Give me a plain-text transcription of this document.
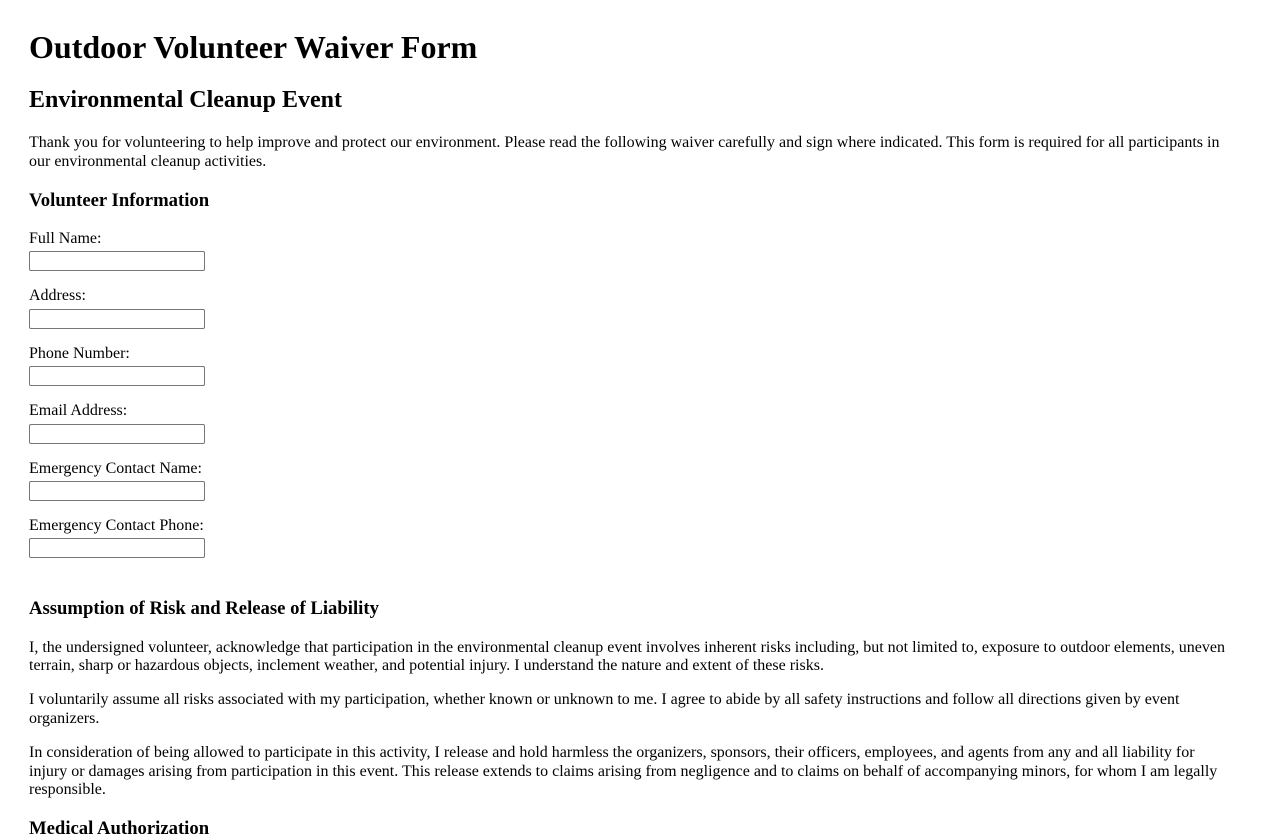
Outdoor Volunteer Waiver Form
Environmental Cleanup Event

Thank you for volunteering to help improve and protect our environment. Please read the following waiver carefully and sign where indicated. This form is required for all participants in our environmental cleanup activities.

Volunteer Information

Full Name:

Address:

Phone Number:

Email Address:

Emergency Contact Name:

Emergency Contact Phone:

Assumption of Risk and Release of Liability

I, the undersigned volunteer, acknowledge that participation in the environmental cleanup event involves inherent risks including, but not limited to, exposure to outdoor elements, uneven terrain, sharp or hazardous objects, inclement weather, and potential injury. I understand the nature and extent of these risks.

I voluntarily assume all risks associated with my participation, whether known or unknown to me. I agree to abide by all safety instructions and follow all directions given by event organizers.

In consideration of being allowed to participate in this activity, I release and hold harmless the organizers, sponsors, their officers, employees, and agents from any and all liability for injury or damages arising from participation in this event. This release extends to claims arising from negligence and to claims on behalf of accompanying minors, for whom I am legally responsible.

Medical Authorization
